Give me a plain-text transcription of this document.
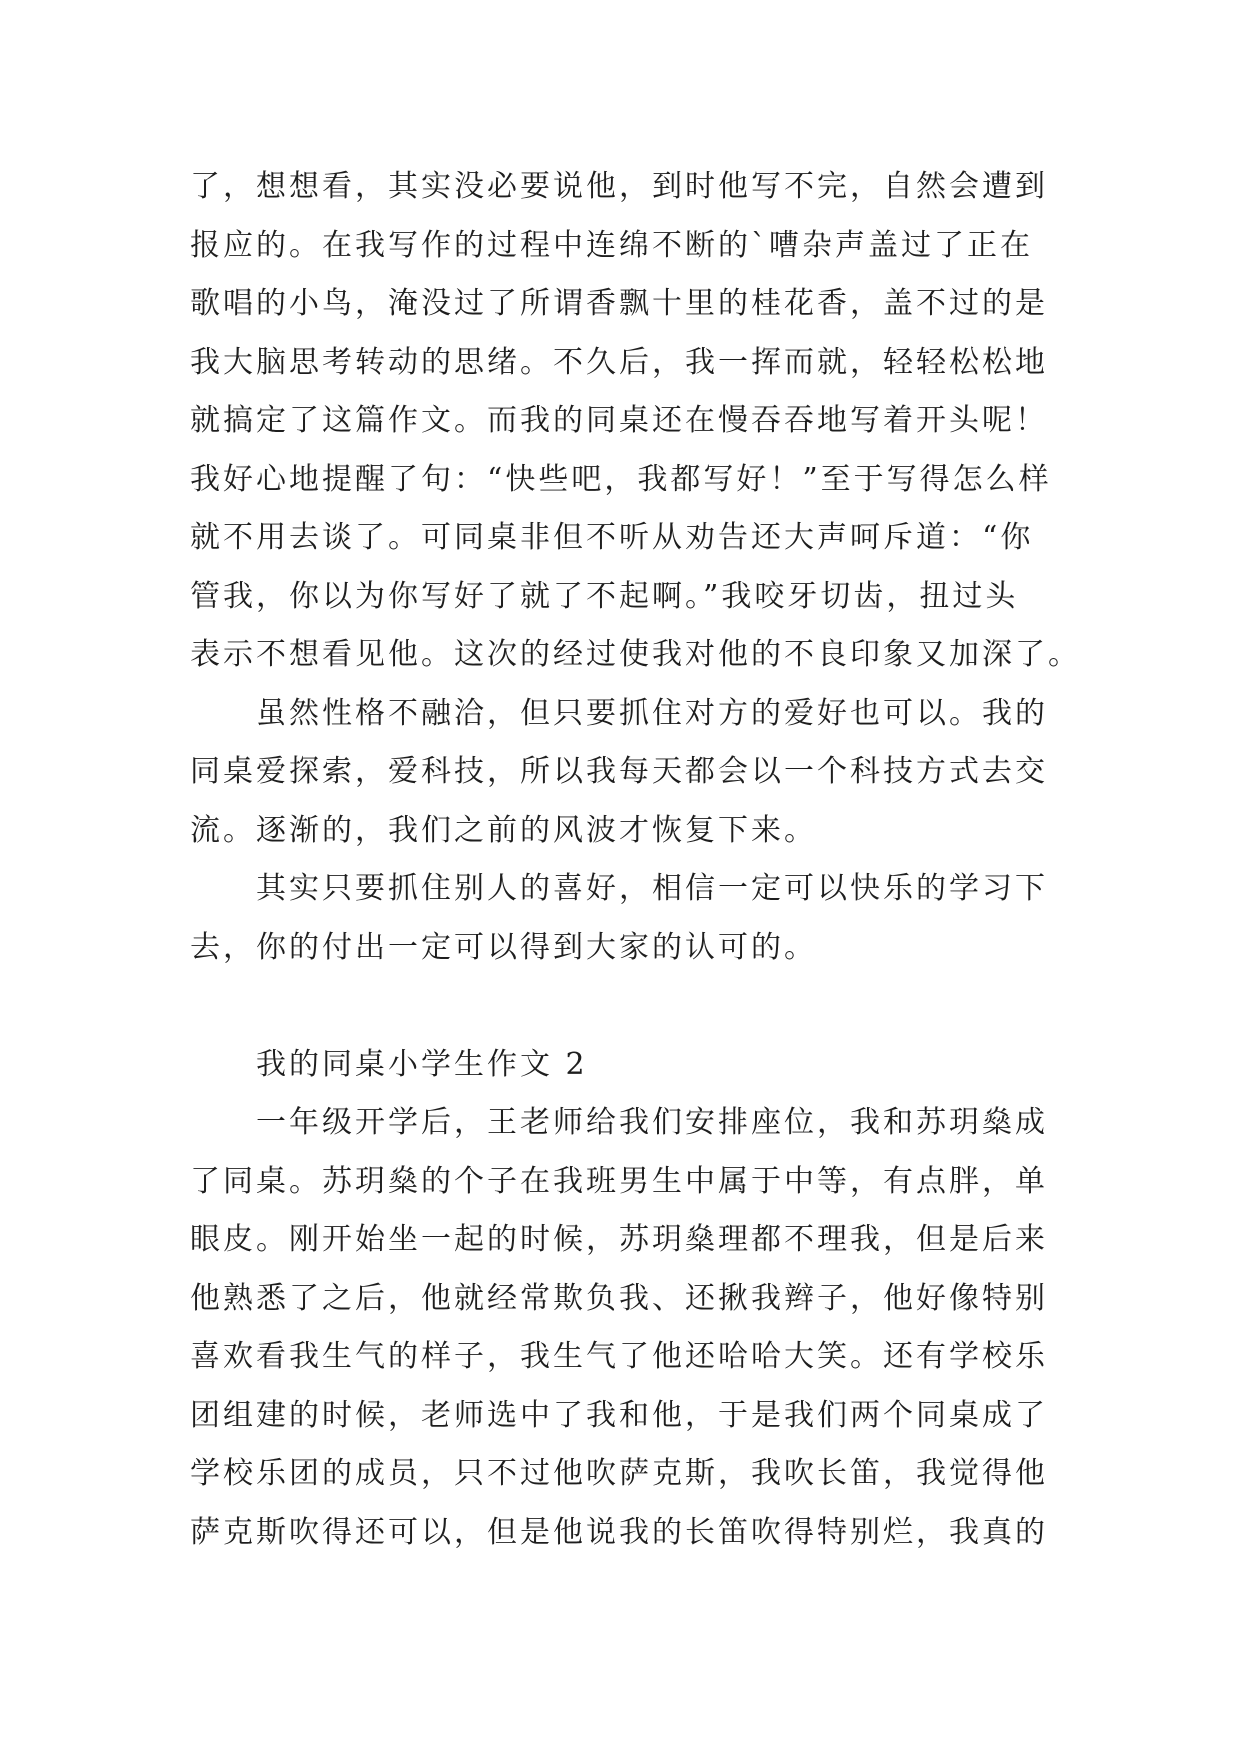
了，想想看，其实没必要说他，到时他写不完，自然会遭到
报应的。在我写作的过程中连绵不断的`嘈杂声盖过了正在
歌唱的小鸟，淹没过了所谓香飘十里的桂花香，盖不过的是
我大脑思考转动的思绪。不久后，我一挥而就，轻轻松松地
就搞定了这篇作文。而我的同桌还在慢吞吞地写着开头呢！
我好心地提醒了句：“快些吧，我都写好！”至于写得怎么样
就不用去谈了。可同桌非但不听从劝告还大声呵斥道：“你
管我，你以为你写好了就了不起啊。”我咬牙切齿，扭过头
表示不想看见他。这次的经过使我对他的不良印象又加深了。
虽然性格不融洽，但只要抓住对方的爱好也可以。我的
同桌爱探索，爱科技，所以我每天都会以一个科技方式去交
流。逐渐的，我们之前的风波才恢复下来。
其实只要抓住别人的喜好，相信一定可以快乐的学习下
去，你的付出一定可以得到大家的认可的。
我的同桌小学生作文 2
一年级开学后，王老师给我们安排座位，我和苏玥燊成
了同桌。苏玥燊的个子在我班男生中属于中等，有点胖，单
眼皮。刚开始坐一起的时候，苏玥燊理都不理我，但是后来
他熟悉了之后，他就经常欺负我、还揪我辫子，他好像特别
喜欢看我生气的样子，我生气了他还哈哈大笑。还有学校乐
团组建的时候，老师选中了我和他，于是我们两个同桌成了
学校乐团的成员，只不过他吹萨克斯，我吹长笛，我觉得他
萨克斯吹得还可以，但是他说我的长笛吹得特别烂，我真的
